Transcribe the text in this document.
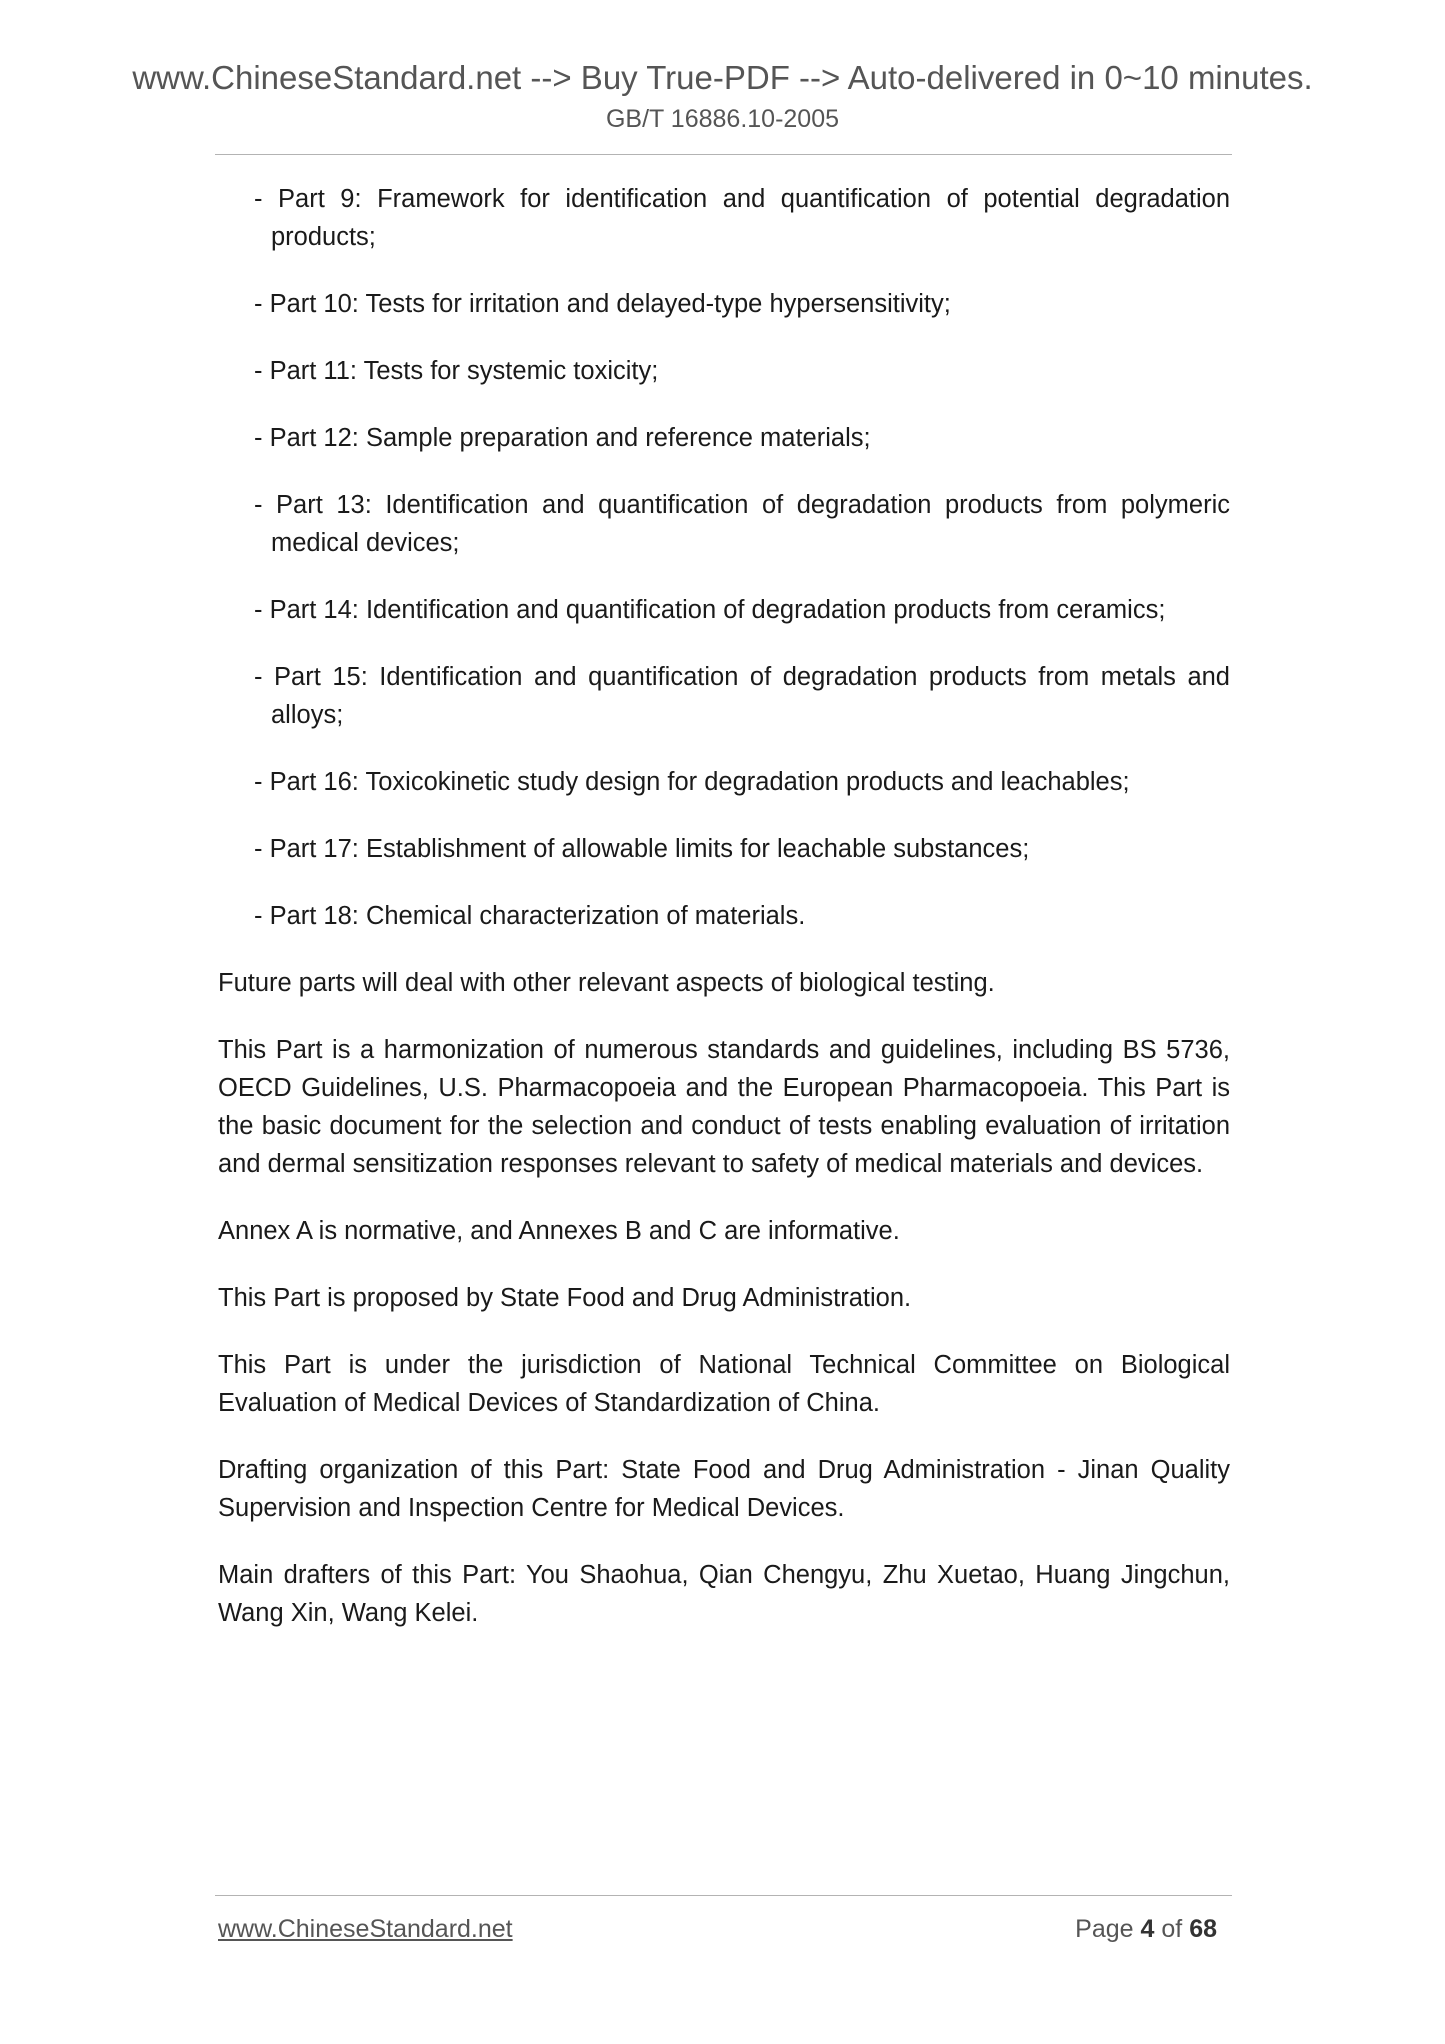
www.ChineseStandard.net --> Buy True-PDF --> Auto-delivered in 0~10 minutes.
GB/T 16886.10-2005
- Part 9: Framework for identification and quantification of potential degradation products;
- Part 10: Tests for irritation and delayed-type hypersensitivity;
- Part 11: Tests for systemic toxicity;
- Part 12: Sample preparation and reference materials;
- Part 13: Identification and quantification of degradation products from polymeric medical devices;
- Part 14: Identification and quantification of degradation products from ceramics;
- Part 15: Identification and quantification of degradation products from metals and alloys;
- Part 16: Toxicokinetic study design for degradation products and leachables;
- Part 17: Establishment of allowable limits for leachable substances;
- Part 18: Chemical characterization of materials.

Future parts will deal with other relevant aspects of biological testing.

This Part is a harmonization of numerous standards and guidelines, including BS 5736, OECD Guidelines, U.S. Pharmacopoeia and the European Pharmacopoeia. This Part is the basic document for the selection and conduct of tests enabling evaluation of irritation and dermal sensitization responses relevant to safety of medical materials and devices.

Annex A is normative, and Annexes B and C are informative.

This Part is proposed by State Food and Drug Administration.

This Part is under the jurisdiction of National Technical Committee on Biological Evaluation of Medical Devices of Standardization of China.

Drafting organization of this Part: State Food and Drug Administration - Jinan Quality Supervision and Inspection Centre for Medical Devices.

Main drafters of this Part: You Shaohua, Qian Chengyu, Zhu Xuetao, Huang Jingchun, Wang Xin, Wang Kelei.

www.ChineseStandard.net	Page 4 of 68
